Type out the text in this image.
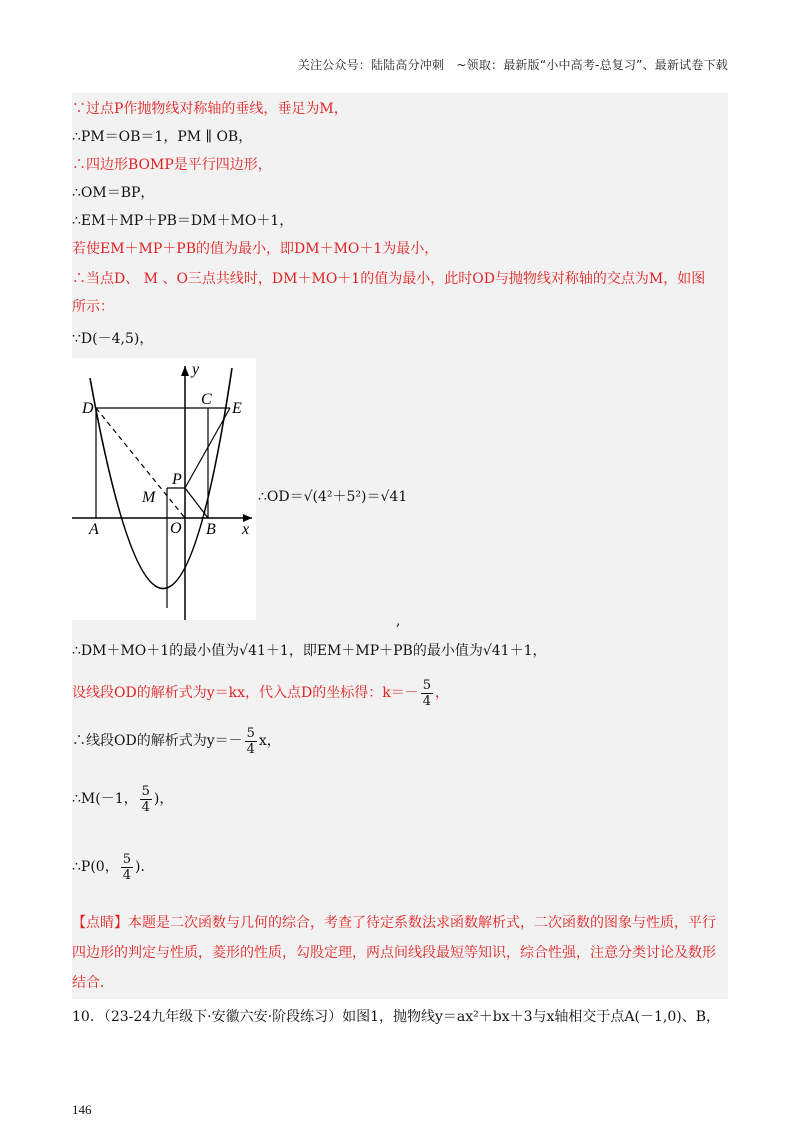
关注公众号：陆陆高分冲刺　~领取：最新版“小中高考-总复习”、最新试卷下载
∵过点P作抛物线对称轴的垂线，垂足为M，
∴PM＝OB＝1，PM ∥ OB，
∴四边形BOMP是平行四边形，
∴OM＝BP，
∴EM＋MP＋PB＝DM＋MO＋1，
若使EM＋MP＋PB的值为最小，即DM＋MO＋1为最小，
∴当点D、 M 、O三点共线时，DM＋MO＋1的值为最小，此时OD与抛物线对称轴的交点为M，如图
所示：
∵D(－4,5)，
D
C
E
P
M
A	O B x
y
∴OD＝√(4²＋5²)＝√41
,
∴DM＋MO＋1的最小值为√41＋1，即EM＋MP＋PB的最小值为√41＋1，
设线段OD的解析式为y＝kx，代入点D的坐标得：$k=- \frac{5}{4}$ ，
∴线段OD的解析式为$y=- \frac{5}{4}$ x，
∴M(－1， $\frac{5}{4}$ )，
∴P(0， $\frac{5}{4}$ )．
【点睛】本题是二次函数与几何的综合，考查了待定系数法求函数解析式，二次函数的图象与性质，平行
四边形的判定与性质，菱形的性质，勾股定理，两点间线段最短等知识，综合性强，注意分类讨论及数形
结合．
10．（23-24九年级下·安徽六安·阶段练习）如图1，抛物线y＝ax²＋bx＋3与x轴相交于点A(－1,0)、B，
146
